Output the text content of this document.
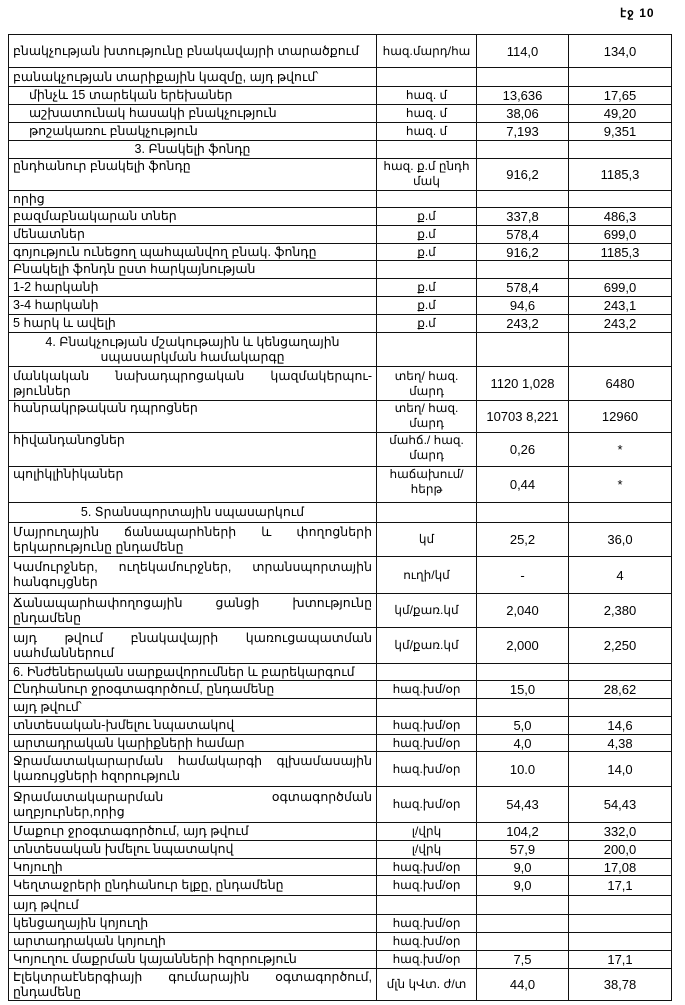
էջ 10
բնակչության խտությունը բնակավայրի տարածքում	հազ.մարդ/հա	114,0	134,0
բանակչության տարիքային կազմը, այդ թվում՝			
մինչև 15 տարեկան երեխաներ	հազ. մ	13,636	17,65
աշխատունակ հասակի բնակչություն	հազ. մ	38,06	49,20
թոշակառու բնակչություն	հազ. մ	7,193	9,351
3. Բնակելի ֆոնդը			
ընդհանուր բնակելի ֆոնդը	հազ. ք.մ ընդհ մակ	916,2	1185,3
որից			
բազմաբնակարան տներ	ք.մ	337,8	486,3
մենատներ	ք.մ	578,4	699,0
գոյություն ունեցող պահպանվող բնակ. ֆոնդը	ք.մ	916,2	1185,3
Բնակելի ֆոնդն ըստ հարկայնության			
1-2 հարկանի	ք.մ	578,4	699,0
3-4 հարկանի	ք.մ	94,6	243,1
5 հարկ և ավելի	ք.մ	243,2	243,2
4. Բնակչության մշակութային և կենցաղային սպասարկման համակարգը			
մանկական նախադպրոցական կազմակերպու-թյուններ	տեղ/ հազ. մարդ	1120 1,028	6480
հանրակրթական դպրոցներ	տեղ/ հազ. մարդ	10703 8,221	12960
հիվանդանոցներ	մահճ./ հազ. մարդ	0,26	*
պոլիկլինիկաներ	հաճախում/ հերթ	0,44	*
5. Տրանսպորտային սպասարկում			
Մայրուղային ճանապարհների և փողոցների երկարությունը ընդամենը	կմ	25,2	36,0
Կամուրջներ, ուղեկամուրջներ, տրանսպորտային հանգույցներ	ուղի/կմ	-	4
Ճանապարհափողոցային ցանցի խտությունը ընդամենը	կմ/քառ.կմ	2,040	2,380
այդ թվում բնակավայրի կառուցապատման սահմաններում	կմ/քառ.կմ	2,000	2,250
6. Ինժեներական սարքավորումներ և բարեկարգում			
Ընդհանուր ջրօգտագործում, ընդամենը	հազ.խմ/օր	15,0	28,62
այդ թվում՝			
տնտեսական-խմելու նպատակով	հազ.խմ/օր	5,0	14,6
արտադրական կարիքների համար	հազ.խմ/օր	4,0	4,38
Ջրամատակարարման համակարգի գլխամասային կառույցների հզորություն	հազ.խմ/օր	10.0	14,0
Ջրամատակարարման օգտագործման աղբյուրներ,որից	հազ.խմ/օր	54,43	54,43
Մաքուր ջրօգտագործում, այդ թվում	լ/վրկ	104,2	332,0
տնտեսական խմելու նպատակով	լ/վրկ	57,9	200,0
Կոյուղի	հազ.խմ/օր	9,0	17,08
Կեղտաջրերի ընդհանուր ելքը, ընդամենը	հազ.խմ/օր	9,0	17,1
այդ թվում			
կենցաղային կոյուղի	հազ.խմ/օր		
արտադրական կոյուղի	հազ.խմ/օր		
Կոյուղու մաքրման կայանների հզորություն	հազ.խմ/օր	7,5	17,1
Էլեկտրաէներգիայի գումարային օգտագործում, ընդամենը	մլն կՎտ. ժ/տ	44,0	38,78
